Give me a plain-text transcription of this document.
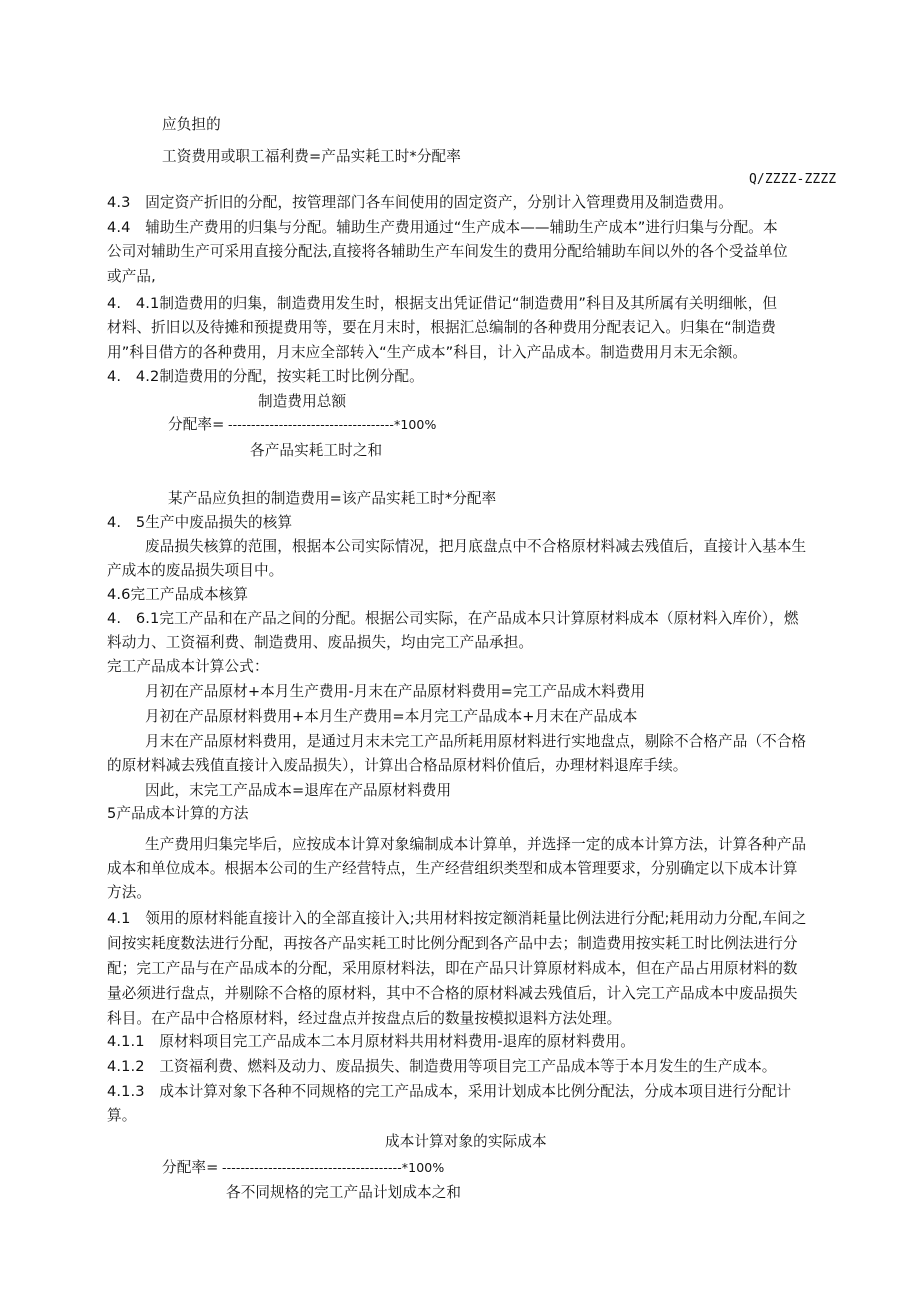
应负担的
工资费用或职工福利费=产品实耗工时*分配率
Q/ZZZZ-ZZZZ
4.3　固定资产折旧的分配，按管理部门各车间使用的固定资产，分别计入管理费用及制造费用。
4.4　辅助生产费用的归集与分配。辅助生产费用通过“生产成本——辅助生产成本”进行归集与分配。本
公司对辅助生产可采用直接分配法,直接将各辅助生产车间发生的费用分配给辅助车间以外的各个受益单位
或产品,
4.　4.1制造费用的归集，制造费用发生时，根据支出凭证借记“制造费用”科目及其所属有关明细帐，但
材料、折旧以及待摊和预提费用等，要在月末时，根据汇总编制的各种费用分配表记入。归集在“制造费
用”科目借方的各种费用，月末应全部转入“生产成本”科目，计入产品成本。制造费用月末无余额。
4.　4.2制造费用的分配，按实耗工时比例分配。
制造费用总额
分配率= ------------------------------------*100%
各产品实耗工时之和
某产品应负担的制造费用=该产品实耗工时*分配率
4.　5生产中废品损失的核算
废品损失核算的范围，根据本公司实际情况，把月底盘点中不合格原材料减去残值后，直接计入基本生
产成本的废品损失项目中。
4.6完工产品成本核算
4.　6.1完工产品和在产品之间的分配。根据公司实际，在产品成本只计算原材料成本（原材料入库价），燃
料动力、工资福利费、制造费用、废品损失，均由完工产品承担。
完工产品成本计算公式：
月初在产品原材+本月生产费用-月末在产品原材料费用=完工产品成木料费用
月初在产品原材料费用+本月生产费用=本月完工产品成本+月末在产品成本
月末在产品原材料费用，是通过月末未完工产品所耗用原材料进行实地盘点，剔除不合格产品（不合格
的原材料减去残值直接计入废品损失），计算出合格品原材料价值后，办理材料退库手续。
因此，末完工产品成本=退库在产品原材料费用
5产品成本计算的方法
生产费用归集完毕后，应按成本计算对象编制成本计算单，并选择一定的成本计算方法，计算各种产品
成本和单位成本。根据本公司的生产经营特点，生产经营组织类型和成本管理要求，分别确定以下成本计算
方法。
4.1　领用的原材料能直接计入的全部直接计入;共用材料按定额消耗量比例法进行分配;耗用动力分配,车间之
间按实耗度数法进行分配，再按各产品实耗工时比例分配到各产品中去；制造费用按实耗工时比例法进行分
配；完工产品与在产品成本的分配，采用原材料法，即在产品只计算原材料成本，但在产品占用原材料的数
量必须进行盘点，并剔除不合格的原材料，其中不合格的原材料减去残值后，计入完工产品成本中废品损失
科目。在产品中合格原材料，经过盘点并按盘点后的数量按模拟退料方法处理。
4.1.1　原材料项目完工产品成本二本月原材料共用材料费用-退库的原材料费用。
4.1.2　工资福利费、燃料及动力、废品损失、制造费用等项目完工产品成本等于本月发生的生产成本。
4.1.3　成本计算对象下各种不同规格的完工产品成本，采用计划成本比例分配法，分成本项目进行分配计
算。
成本计算对象的实际成本
分配率= ---------------------------------------*100%
各不同规格的完工产品计划成本之和
